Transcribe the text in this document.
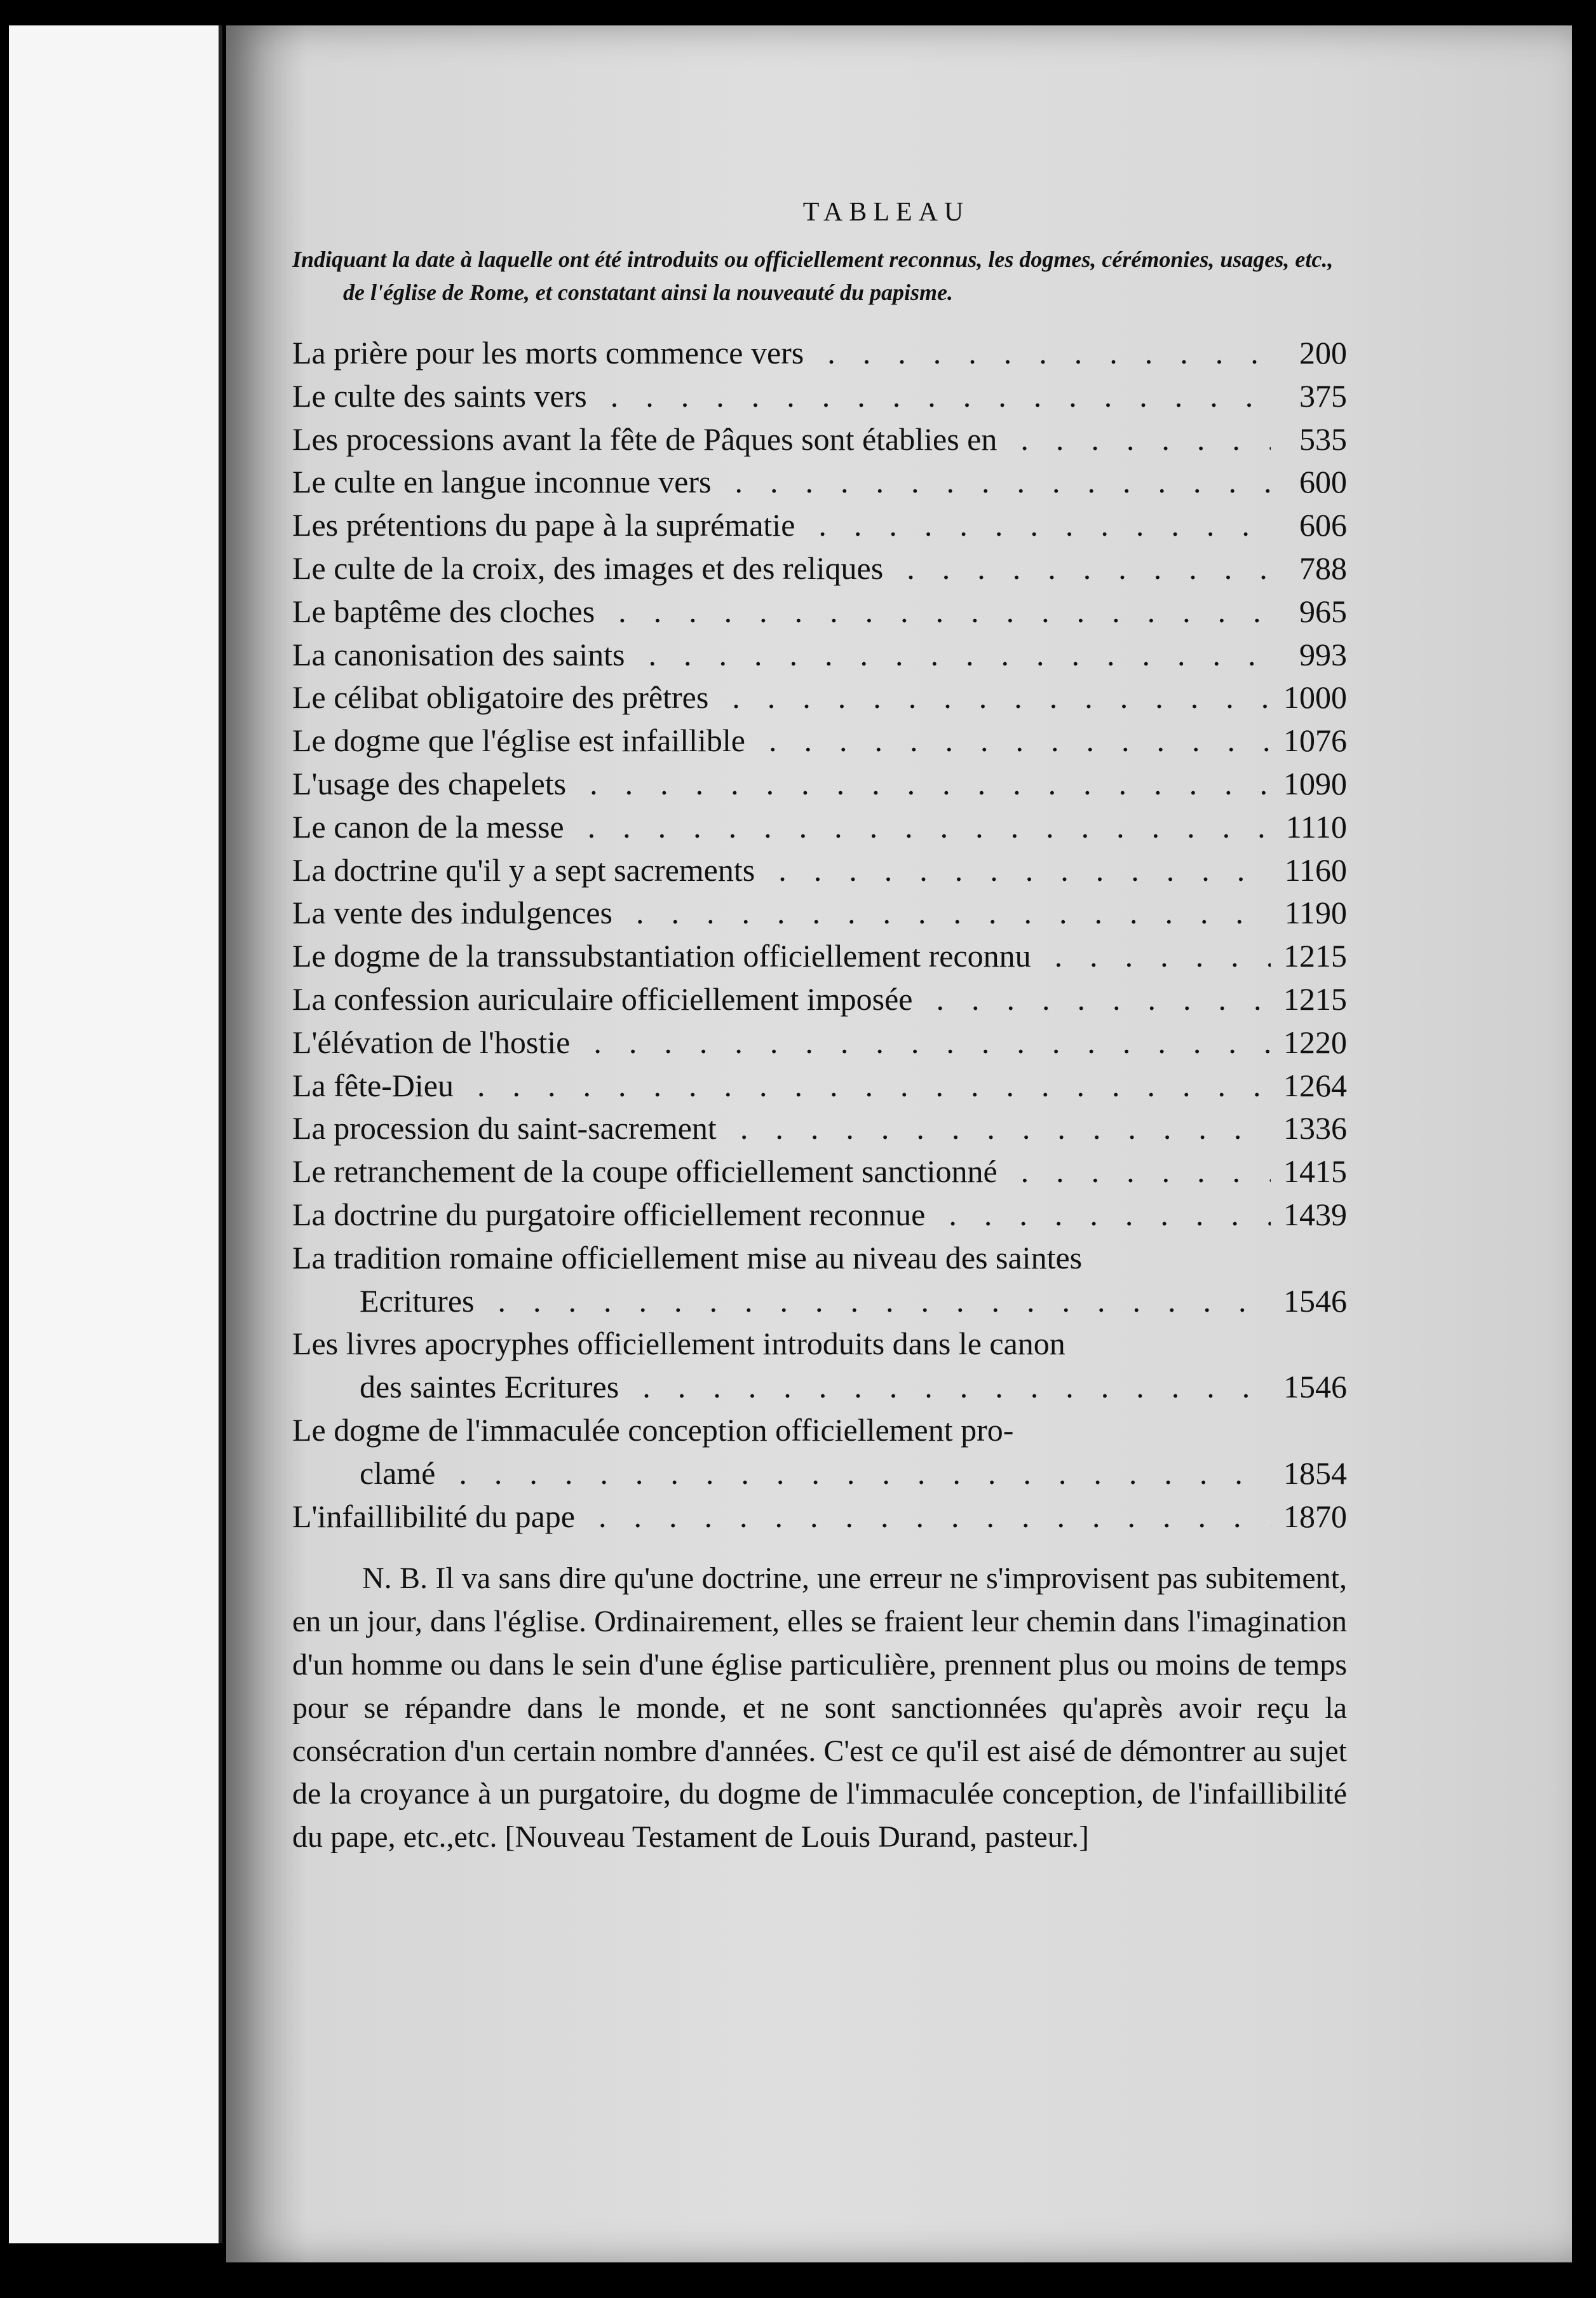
TABLEAU
Indiquant la date à laquelle ont été introduits ou officiellement reconnus, les dogmes, cérémonies, usages, etc., de l'église de Rome, et constatant ainsi la nouveauté du papisme.
La prière pour les morts commence vers . .	200
Le culte des saints vers . .	375
Les processions avant la fête de Pâques sont établies en . .	535
Le culte en langue inconnue vers . .	600
Les prétentions du pape à la suprématie . .	606
Le culte de la croix, des images et des reliques . .	788
Le baptême des cloches . .	965
La canonisation des saints . .	993
Le célibat obligatoire des prêtres . .	1000
Le dogme que l'église est infaillible . .	1076
L'usage des chapelets . .	1090
Le canon de la messe . .	1110
La doctrine qu'il y a sept sacrements . .	1160
La vente des indulgences . .	1190
Le dogme de la transsubstantiation officiellement reconnu . .	1215
La confession auriculaire officiellement imposée . .	1215
L'élévation de l'hostie . .	1220
La fête-Dieu . .	1264
La procession du saint-sacrement . .	1336
Le retranchement de la coupe officiellement sanctionné . .	1415
La doctrine du purgatoire officiellement reconnue . .	1439
La tradition romaine officiellement mise au niveau des saintes
Ecritures . .	1546
Les livres apocryphes officiellement introduits dans le canon
des saintes Ecritures . .	1546
Le dogme de l'immaculée conception officiellement pro-
clamé . .	1854
L'infaillibilité du pape . .	1870

N. B. Il va sans dire qu'une doctrine, une erreur ne s'improvisent pas subitement, en un jour, dans l'église. Ordinairement, elles se fraient leur chemin dans l'imagination d'un homme ou dans le sein d'une église particulière, prennent plus ou moins de temps pour se répandre dans le monde, et ne sont sanctionnées qu'après avoir reçu la consécration d'un certain nombre d'années. C'est ce qu'il est aisé de démontrer au sujet de la croyance à un purgatoire, du dogme de l'immaculée conception, de l'infaillibilité du pape, etc.,etc. [Nouveau Testament de Louis Durand, pasteur.]
